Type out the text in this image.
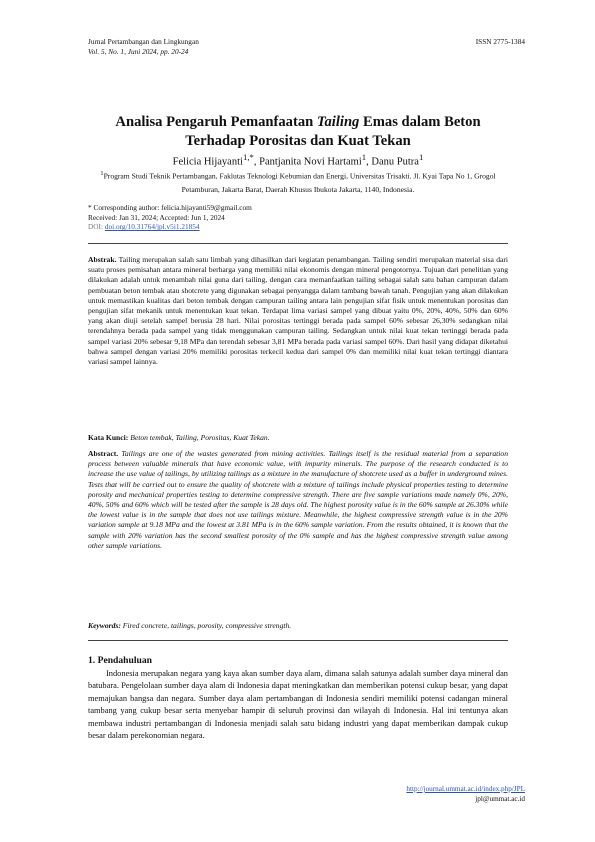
Jurnal Pertambangan dan Lingkungan
Vol. 5, No. 1, Juni 2024, pp. 20-24
ISSN 2775-1384
Analisa Pengaruh Pemanfaatan Tailing Emas dalam Beton
Terhadap Porositas dan Kuat Tekan
Felicia Hijayanti$^{1,*}$, Pantjanita Novi Hartami$^1$, Danu Putra$^1$
$^1$Program Studi Teknik Pertambangan, Faklutas Teknologi Kebumian dan Energi, Universitas Trisakti. Jl. Kyai Tapa No 1, Grogol Petamburan, Jakarta Barat, Daerah Khusus Ibukota Jakarta, 1140, Indonesia.
* Corresponding author: felicia.hijayanti59@gmail.com
Received: Jan 31, 2024; Accepted: Jun 1, 2024
DOI: doi.org/10.31764/jpl.v5i1.21854
Abstrak. Tailing merupakan salah satu limbah yang dihasilkan dari kegiatan penambangan. Tailing sendiri merupakan material sisa dari suatu proses pemisahan antara mineral berharga yang memiliki nilai ekonomis dengan mineral pengotornya. Tujuan dari penelitian yang dilakukan adalah untuk menambah nilai guna dari tailing, dengan cara memanfaatkan tailing sebagai salah satu bahan campuran dalam pembuatan beton tembak atau shotcrete yang digunakan sebagai penyangga dalam tambang bawah tanah. Pengujian yang akan dilakukan untuk memastikan kualitas dari beton tembak dengan campuran tailing antara lain pengujian sifat fisik untuk menentukan porositas dan pengujian sifat mekanik untuk menentukan kuat tekan. Terdapat lima variasi sampel yang dibuat yaitu 0%, 20%, 40%, 50% dan 60% yang akan diuji setelah sampel berusia 28 hari. Nilai porositas tertinggi berada pada sampel 60% sebesar 26,30% sedangkan nilai terendahnya berada pada sampel yang tidak menggunakan campuran tailing. Sedangkan untuk nilai kuat tekan tertinggi berada pada sampel variasi 20% sebesar 9,18 MPa dan terendah sebesar 3,81 MPa berada pada variasi sampel 60%. Dari hasil yang didapat diketahui bahwa sampel dengan variasi 20% memiliki porositas terkecil kedua dari sampel 0% dan memiliki nilai kuat tekan tertinggi diantara variasi sampel lainnya.
Kata Kunci: Beton tembak, Tailing, Porositas, Kuat Tekan.
Abstract. Tailings are one of the wastes generated from mining activities. Tailings itself is the residual material from a separation process between valuable minerals that have economic value, with impurity minerals. The purpose of the research conducted is to increase the use value of tailings, by utilizing tailings as a mixture in the manufacture of shotcrete used as a buffer in underground mines. Tests that will be carried out to ensure the quality of shotcrete with a mixture of tailings include physical properties testing to determine porosity and mechanical properties testing to determine compressive strength. There are five sample variations made namely 0%, 20%, 40%, 50% and 60% which will be tested after the sample is 28 days old. The highest porosity value is in the 60% sample at 26.30% while the lowest value is in the sample that does not use tailings mixture. Meanwhile, the highest compressive strength value is in the 20% variation sample at 9.18 MPa and the lowest at 3.81 MPa is in the 60% sample variation. From the results obtained, it is known that the sample with 20% variation has the second smallest porosity of the 0% sample and has the highest compressive strength value among other sample variations.
Keywords: Fired concrete, tailings, porosity, compressive strength.
1. Pendahuluan
Indonesia merupakan negara yang kaya akan sumber daya alam, dimana salah satunya adalah sumber daya mineral dan batubara. Pengelolaan sumber daya alam di Indonesia dapat meningkatkan dan memberikan potensi cukup besar, yang dapat memajukan bangsa dan negara. Sumber daya alam pertambangan di Indonesia sendiri memiliki potensi cadangan mineral tambang yang cukup besar serta menyebar hampir di seluruh provinsi dan wilayah di Indonesia. Hal ini tentunya akan membawa industri pertambangan di Indonesia menjadi salah satu bidang industri yang dapat memberikan dampak cukup besar dalam perekonomian negara.
http://journal.ummat.ac.id/index.php/JPL
jpl@ummat.ac.id
